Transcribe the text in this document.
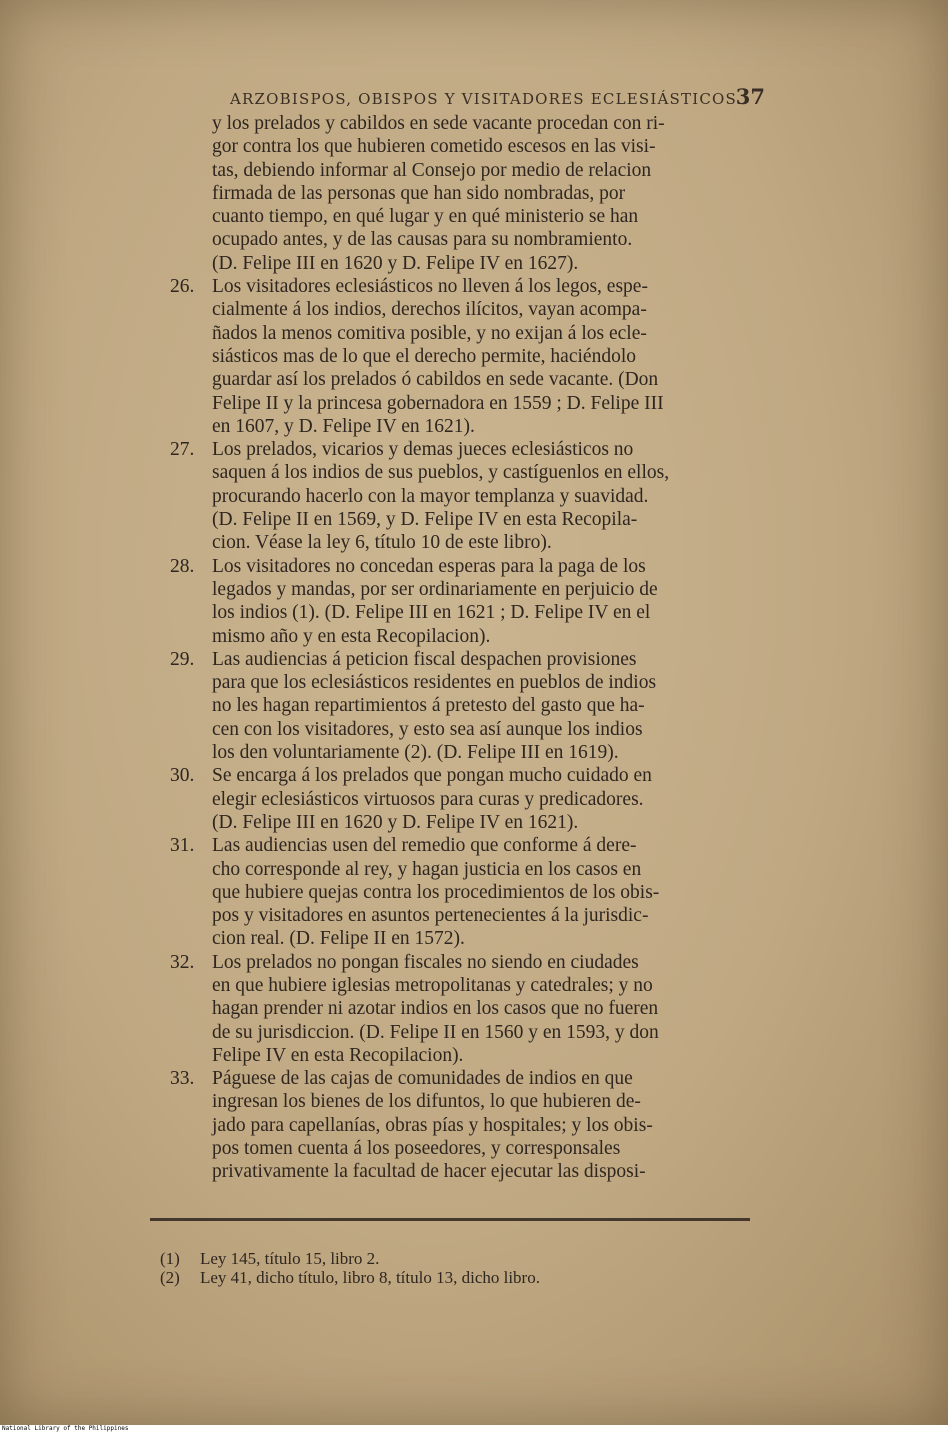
ARZOBISPOS, OBISPOS Y VISITADORES ECLESIÁSTICOS.
37
y los prelados y cabildos en sede vacante procedan con ri-
gor contra los que hubieren cometido escesos en las visi-
tas, debiendo informar al Consejo por medio de relacion
firmada de las personas que han sido nombradas, por
cuanto tiempo, en qué lugar y en qué ministerio se han
ocupado antes, y de las causas para su nombramiento.
(D. Felipe III en 1620 y D. Felipe IV en 1627).
26. Los visitadores eclesiásticos no lleven á los legos, espe-
cialmente á los indios, derechos ilícitos, vayan acompa-
ñados la menos comitiva posible, y no exijan á los ecle-
siásticos mas de lo que el derecho permite, haciéndolo
guardar así los prelados ó cabildos en sede vacante. (Don
Felipe II y la princesa gobernadora en 1559 ; D. Felipe III
en 1607, y D. Felipe IV en 1621).
27. Los prelados, vicarios y demas jueces eclesiásticos no
saquen á los indios de sus pueblos, y castíguenlos en ellos,
procurando hacerlo con la mayor templanza y suavidad.
(D. Felipe II en 1569, y D. Felipe IV en esta Recopila-
cion. Véase la ley 6, título 10 de este libro).
28. Los visitadores no concedan esperas para la paga de los
legados y mandas, por ser ordinariamente en perjuicio de
los indios (1). (D. Felipe III en 1621 ; D. Felipe IV en el
mismo año y en esta Recopilacion).
29. Las audiencias á peticion fiscal despachen provisiones
para que los eclesiásticos residentes en pueblos de indios
no les hagan repartimientos á pretesto del gasto que ha-
cen con los visitadores, y esto sea así aunque los indios
los den voluntariamente (2). (D. Felipe III en 1619).
30. Se encarga á los prelados que pongan mucho cuidado en
elegir eclesiásticos virtuosos para curas y predicadores.
(D. Felipe III en 1620 y D. Felipe IV en 1621).
31. Las audiencias usen del remedio que conforme á dere-
cho corresponde al rey, y hagan justicia en los casos en
que hubiere quejas contra los procedimientos de los obis-
pos y visitadores en asuntos pertenecientes á la jurisdic-
cion real. (D. Felipe II en 1572).
32. Los prelados no pongan fiscales no siendo en ciudades
en que hubiere iglesias metropolitanas y catedrales; y no
hagan prender ni azotar indios en los casos que no fueren
de su jurisdiccion. (D. Felipe II en 1560 y en 1593, y don
Felipe IV en esta Recopilacion).
33. Páguese de las cajas de comunidades de indios en que
ingresan los bienes de los difuntos, lo que hubieren de-
jado para capellanías, obras pías y hospitales; y los obis-
pos tomen cuenta á los poseedores, y corresponsales
privativamente la facultad de hacer ejecutar las disposi-
(1) Ley 145, título 15, libro 2.
(2) Ley 41, dicho título, libro 8, título 13, dicho libro.
National Library of the Philippines
